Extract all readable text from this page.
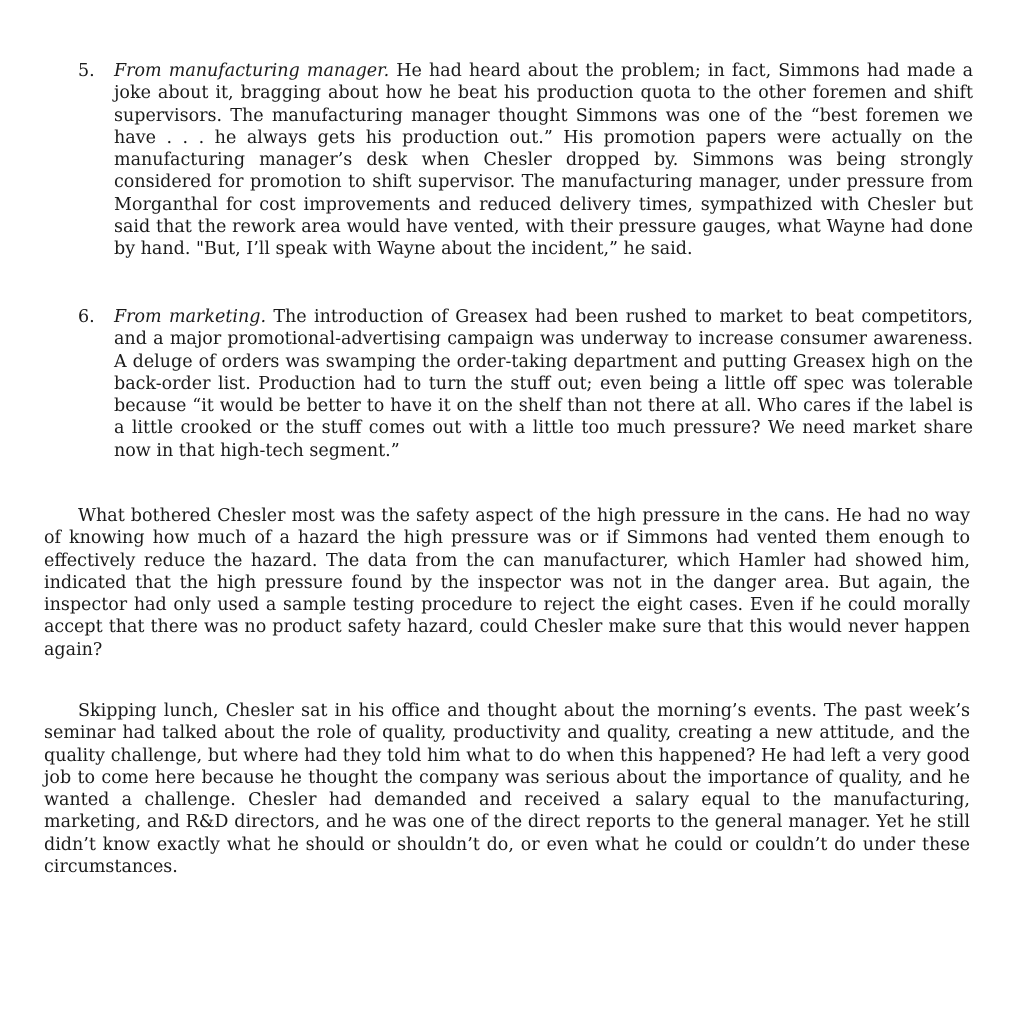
5.	From manufacturing manager. He had heard about the problem; in fact, Simmons had made a joke about it, bragging about how he beat his production quota to the other foremen and shift supervisors. The manufacturing manager thought Simmons was one of the “best foremen we have . . . he always gets his production out.” His promotion papers were actually on the manufacturing manager’s desk when Chesler dropped by. Simmons was being strongly considered for promotion to shift supervisor. The manufacturing manager, under pressure from Morganthal for cost improvements and reduced delivery times, sympathized with Chesler but said that the rework area would have vented, with their pressure gauges, what Wayne had done by hand. "But, I’ll speak with Wayne about the incident,” he said.
6.	From marketing. The introduction of Greasex had been rushed to market to beat competitors, and a major promotional-advertising campaign was underway to increase consumer awareness. A deluge of orders was swamping the order-taking department and putting Greasex high on the back-order list. Production had to turn the stuff out; even being a little off spec was tolerable because “it would be better to have it on the shelf than not there at all. Who cares if the label is a little crooked or the stuff comes out with a little too much pressure? We need market share now in that high-tech segment.”

What bothered Chesler most was the safety aspect of the high pressure in the cans. He had no way of knowing how much of a hazard the high pressure was or if Simmons had vented them enough to effectively reduce the hazard. The data from the can manufacturer, which Hamler had showed him, indicated that the high pressure found by the inspector was not in the danger area. But again, the inspector had only used a sample testing procedure to reject the eight cases. Even if he could morally accept that there was no product safety hazard, could Chesler make sure that this would never happen again?

Skipping lunch, Chesler sat in his office and thought about the morning’s events. The past week’s seminar had talked about the role of quality, productivity and quality, creating a new attitude, and the quality challenge, but where had they told him what to do when this happened? He had left a very good job to come here because he thought the company was serious about the importance of quality, and he wanted a challenge. Chesler had demanded and received a salary equal to the manufacturing, marketing, and R&D directors, and he was one of the direct reports to the general manager. Yet he still didn’t know exactly what he should or shouldn’t do, or even what he could or couldn’t do under these circumstances.
